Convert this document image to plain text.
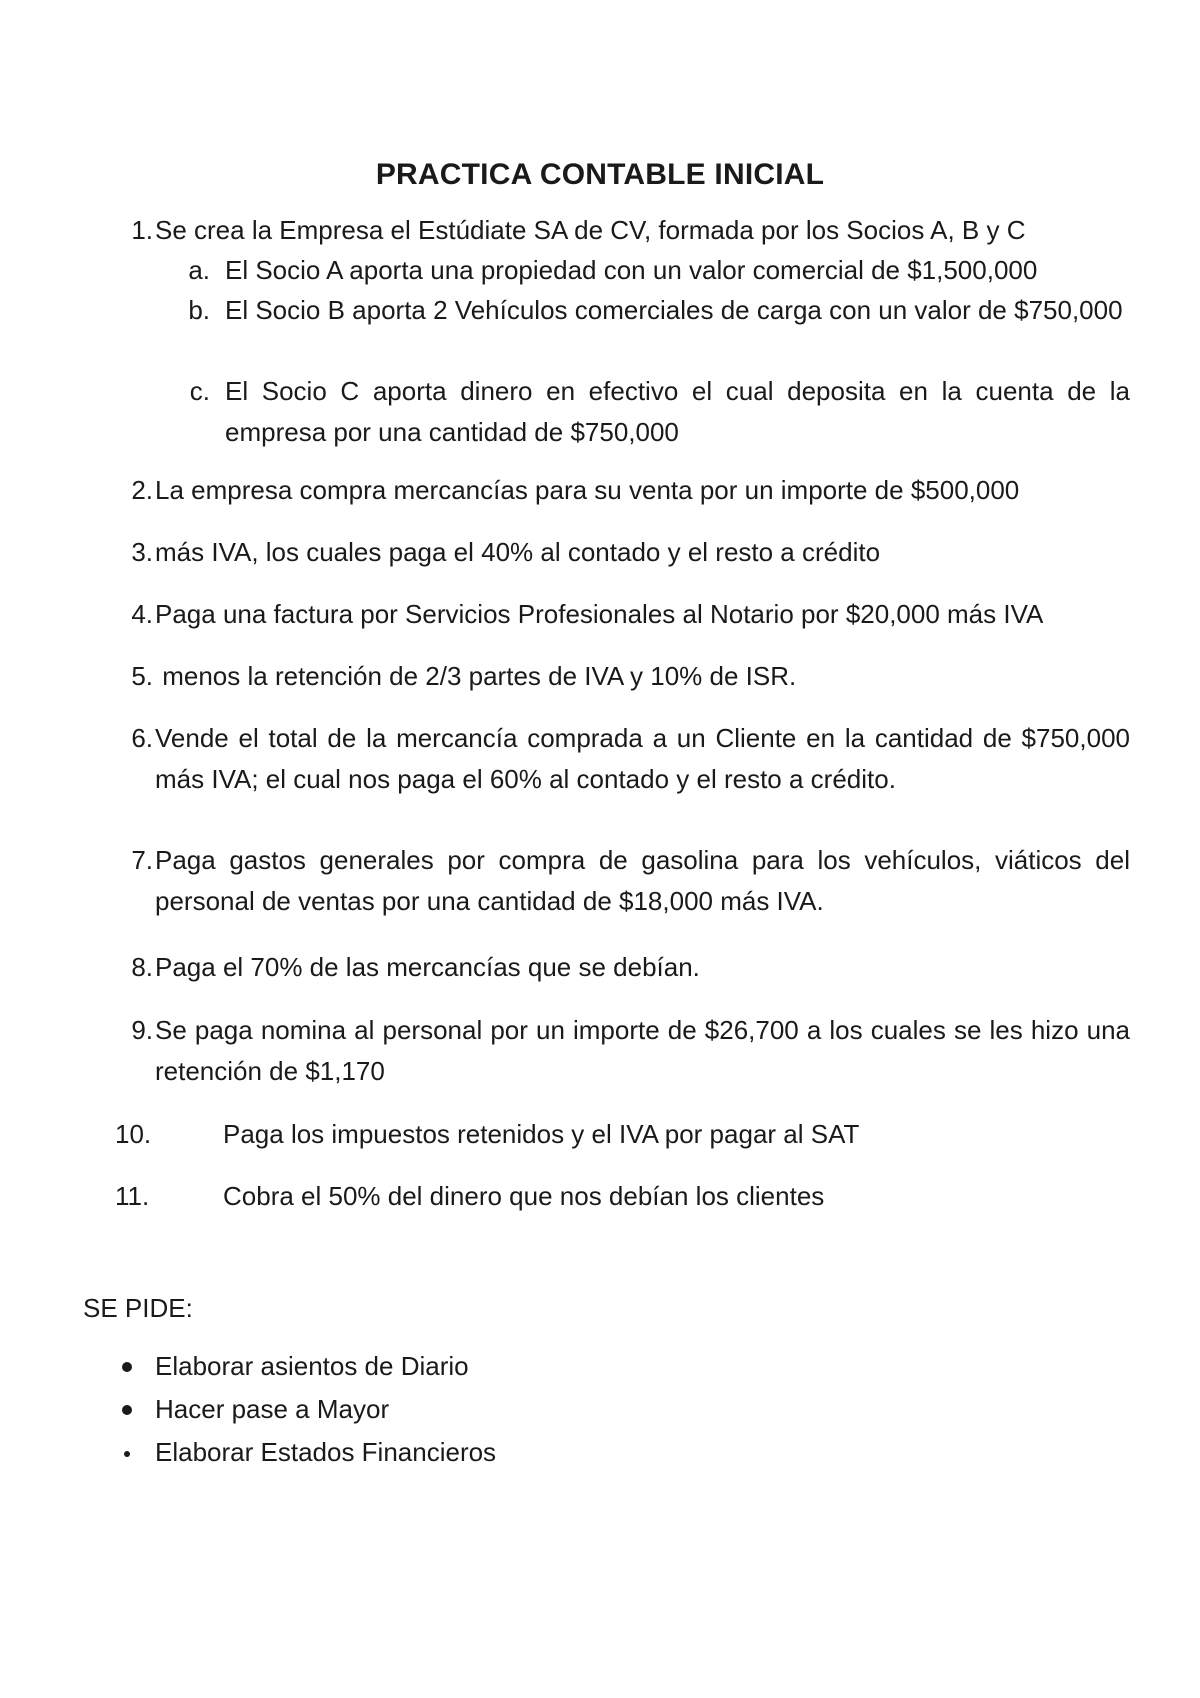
PRACTICA CONTABLE INICIAL
1. Se crea la Empresa el Estúdiate SA de CV, formada por los Socios A, B y C
a. El Socio A aporta una propiedad con un valor comercial de $1,500,000
b. El Socio B aporta 2 Vehículos comerciales de carga con un valor de $750,000
c. El Socio C aporta dinero en efectivo el cual deposita en la cuenta de la empresa por una cantidad de $750,000
2. La empresa compra mercancías para su venta por un importe de $500,000
3. más IVA, los cuales paga el 40% al contado y el resto a crédito
4. Paga una factura por Servicios Profesionales al Notario por $20,000 más IVA
5. menos la retención de 2/3 partes de IVA y 10% de ISR.
6. Vende el total de la mercancía comprada a un Cliente en la cantidad de $750,000 más IVA; el cual nos paga el 60% al contado y el resto a crédito.
7. Paga gastos generales por compra de gasolina para los vehículos, viáticos del personal de ventas por una cantidad de $18,000 más IVA.
8. Paga el 70% de las mercancías que se debían.
9. Se paga nomina al personal por un importe de $26,700 a los cuales se les hizo una retención de $1,170
10.	Paga los impuestos retenidos y el IVA por pagar al SAT
11.	Cobra el 50% del dinero que nos debían los clientes
SE PIDE:
Elaborar asientos de Diario
Hacer pase a Mayor
Elaborar Estados Financieros
